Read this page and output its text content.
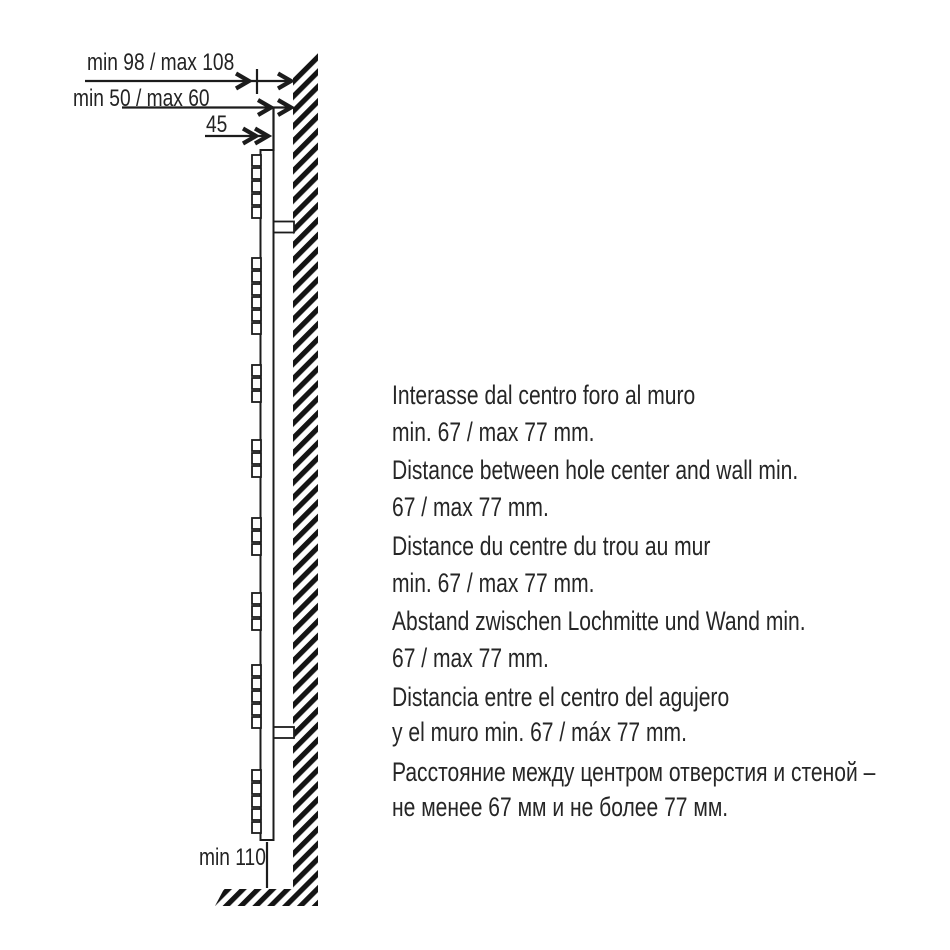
min 98 / max 108
min 50 / max 60
45
min 110
Interasse dal centro foro al muro
min. 67 / max 77 mm.
Distance between hole center and wall min.
67 / max 77 mm.
Distance du centre du trou au mur
min. 67 / max 77 mm.
Abstand zwischen Lochmitte und Wand min.
67 / max 77 mm.
Distancia entre el centro del agujero
y el muro min. 67 / máx 77 mm.
Расстояние между центром отверстия и стеной –
не менее 67 мм и не более 77 мм.
